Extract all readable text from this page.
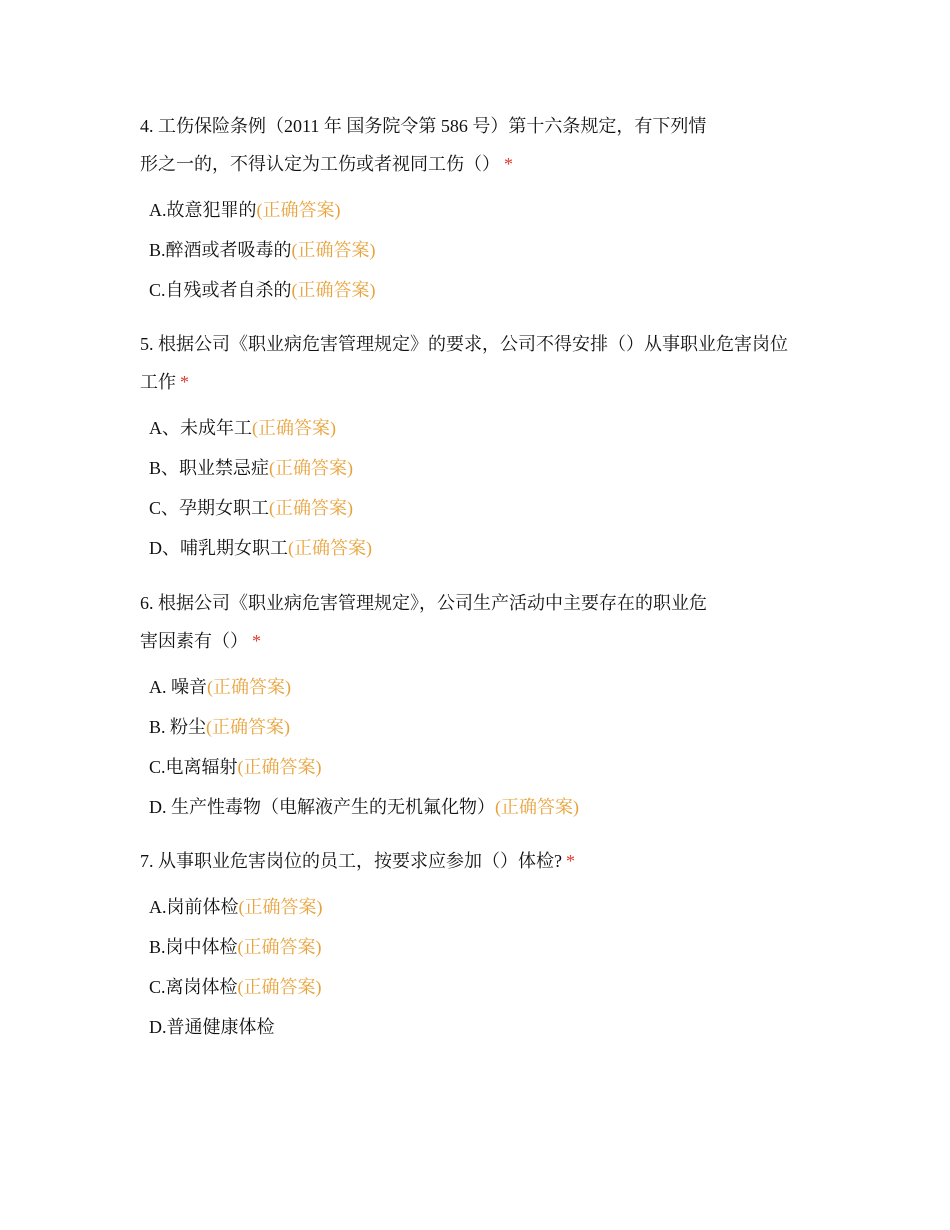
4. 工伤保险条例（2011 年 国务院令第 586 号）第十六条规定，有下列情
形之一的，不得认定为工伤或者视同工伤（） *
A.故意犯罪的(正确答案)
B.醉酒或者吸毒的(正确答案)
C.自残或者自杀的(正确答案)
5. 根据公司《职业病危害管理规定》的要求，公司不得安排（）从事职业危害岗位
工作 *
A、未成年工(正确答案)
B、职业禁忌症(正确答案)
C、孕期女职工(正确答案)
D、哺乳期女职工(正确答案)
6. 根据公司《职业病危害管理规定》，公司生产活动中主要存在的职业危
害因素有（） *
A. 噪音(正确答案)
B. 粉尘(正确答案)
C.电离辐射(正确答案)
D. 生产性毒物（电解液产生的无机氟化物）(正确答案)
7. 从事职业危害岗位的员工，按要求应参加（）体检? *
A.岗前体检(正确答案)
B.岗中体检(正确答案)
C.离岗体检(正确答案)
D.普通健康体检
